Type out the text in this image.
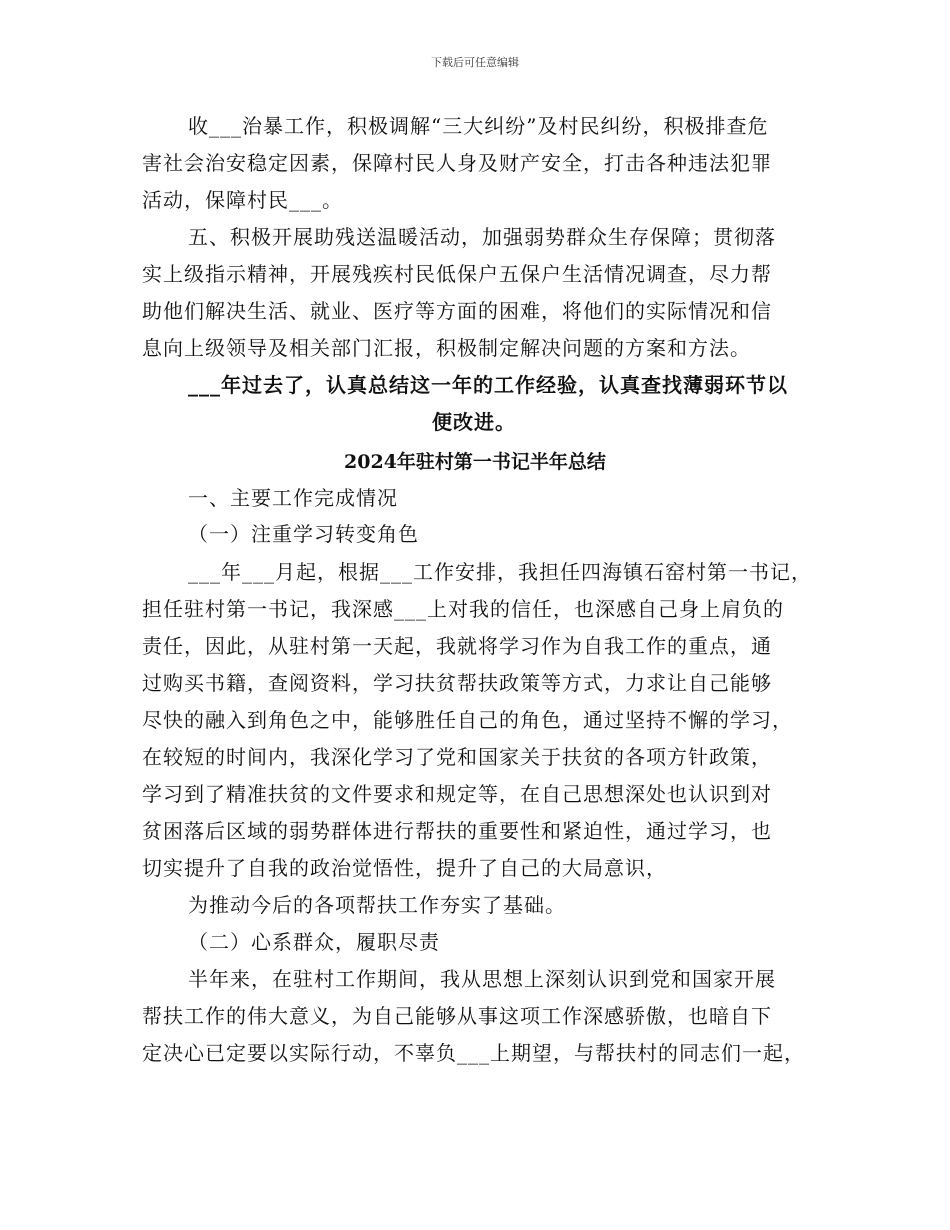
下载后可任意编辑
收___治暴工作，积极调解“三大纠纷”及村民纠纷，积极排查危
害社会治安稳定因素，保障村民人身及财产安全，打击各种违法犯罪
活动，保障村民___。
五、积极开展助残送温暖活动，加强弱势群众生存保障；贯彻落
实上级指示精神，开展残疾村民低保户五保户生活情况调查，尽力帮
助他们解决生活、就业、医疗等方面的困难，将他们的实际情况和信
息向上级领导及相关部门汇报，积极制定解决问题的方案和方法。
___年过去了，认真总结这一年的工作经验，认真查找薄弱环节以
便改进。
2024年驻村第一书记半年总结
一、主要工作完成情况
（一）注重学习转变角色
___年___月起，根据___工作安排，我担任四海镇石窑村第一书记，
担任驻村第一书记，我深感___上对我的信任，也深感自己身上肩负的
责任，因此，从驻村第一天起，我就将学习作为自我工作的重点，通
过购买书籍，查阅资料，学习扶贫帮扶政策等方式，力求让自己能够
尽快的融入到角色之中，能够胜任自己的角色，通过坚持不懈的学习，
在较短的时间内，我深化学习了党和国家关于扶贫的各项方针政策，
学习到了精准扶贫的文件要求和规定等，在自己思想深处也认识到对
贫困落后区域的弱势群体进行帮扶的重要性和紧迫性，通过学习，也
切实提升了自我的政治觉悟性，提升了自己的大局意识，
为推动今后的各项帮扶工作夯实了基础。
（二）心系群众，履职尽责
半年来，在驻村工作期间，我从思想上深刻认识到党和国家开展
帮扶工作的伟大意义，为自己能够从事这项工作深感骄傲，也暗自下
定决心已定要以实际行动，不辜负___上期望，与帮扶村的同志们一起，
